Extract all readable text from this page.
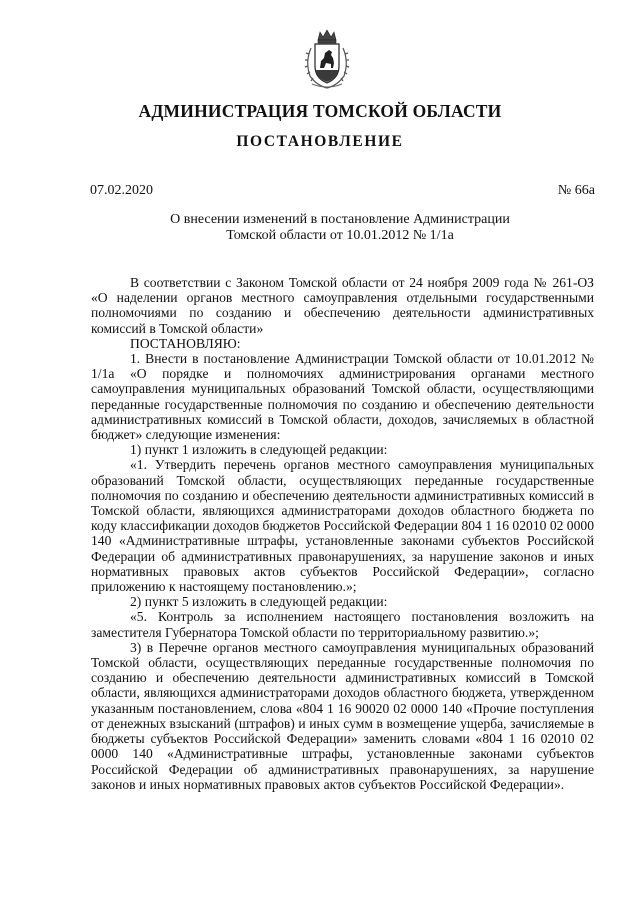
АДМИНИСТРАЦИЯ ТОМСКОЙ ОБЛАСТИ
ПОСТАНОВЛЕНИЕ
07.02.2020	№ 66а
О внесении изменений в постановление Администрации
Томской области от 10.01.2012 № 1/1а

В соответствии с Законом Томской области от 24 ноября 2009 года № 261-ОЗ «О наделении органов местного самоуправления отдельными государственными полномочиями по созданию и обеспечению деятельности административных комиссий в Томской области»

ПОСТАНОВЛЯЮ:

1. Внести в постановление Администрации Томской области от 10.01.2012 № 1/1а «О порядке и полномочиях администрирования органами местного самоуправления муниципальных образований Томской области, осуществляющими переданные государственные полномочия по созданию и обеспечению деятельности административных комиссий в Томской области, доходов, зачисляемых в областной бюджет» следующие изменения:

1) пункт 1 изложить в следующей редакции:

«1. Утвердить перечень органов местного самоуправления муниципальных образований Томской области, осуществляющих переданные государственные полномочия по созданию и обеспечению деятельности административных комиссий в Томской области, являющихся администраторами доходов областного бюджета по коду классификации доходов бюджетов Российской Федерации 804 1 16 02010 02 0000 140 «Административные штрафы, установленные законами субъектов Российской Федерации об административных правонарушениях, за нарушение законов и иных нормативных правовых актов субъектов Российской Федерации», согласно приложению к настоящему постановлению.»;

2) пункт 5 изложить в следующей редакции:

«5. Контроль за исполнением настоящего постановления возложить на заместителя Губернатора Томской области по территориальному развитию.»;

3) в Перечне органов местного самоуправления муниципальных образований Томской области, осуществляющих переданные государственные полномочия по созданию и обеспечению деятельности административных комиссий в Томской области, являющихся администраторами доходов областного бюджета, утвержденном указанным постановлением, слова «804 1 16 90020 02 0000 140 «Прочие поступления от денежных взысканий (штрафов) и иных сумм в возмещение ущерба, зачисляемые в бюджеты субъектов Российской Федерации» заменить словами «804 1 16 02010 02 0000 140 «Административные штрафы, установленные законами субъектов Российской Федерации об административных правонарушениях, за нарушение законов и иных нормативных правовых актов субъектов Российской Федерации».
